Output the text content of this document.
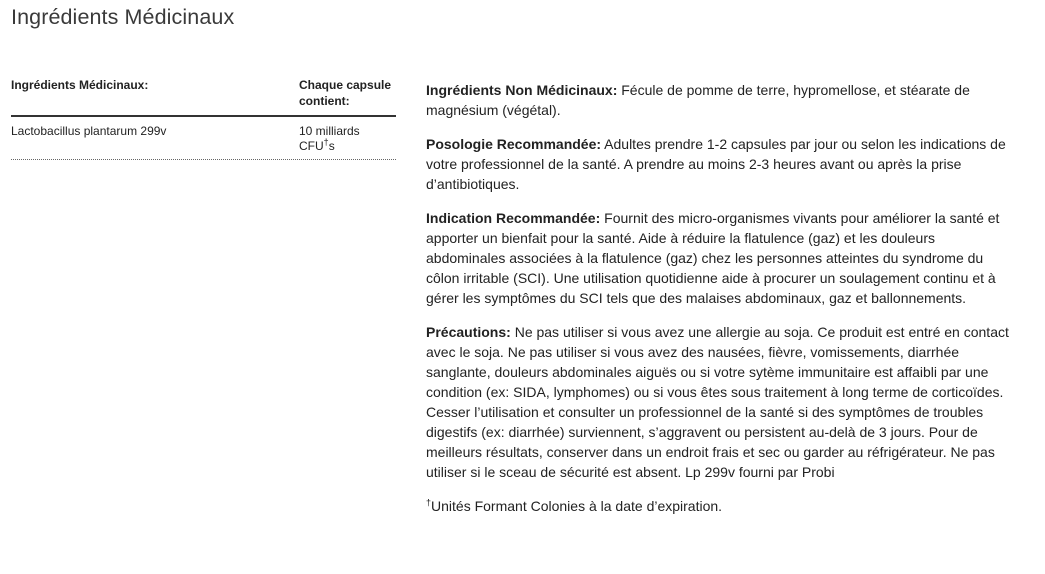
Ingrédients Médicinaux
Ingrédients Médicinaux:	Chaque capsule contient:
Lactobacillus plantarum 299v	10 milliards
CFU†s

Ingrédients Non Médicinaux: Fécule de pomme de terre, hypromellose, et stéarate de magnésium (végétal).

Posologie Recommandée: Adultes prendre 1-2 capsules par jour ou selon les indications de votre professionnel de la santé. A prendre au moins 2-3 heures avant ou après la prise d’antibiotiques.

Indication Recommandée: Fournit des micro-organismes vivants pour améliorer la santé et apporter un bienfait pour la santé. Aide à réduire la flatulence (gaz) et les douleurs abdominales associées à la flatulence (gaz) chez les personnes atteintes du syndrome du côlon irritable (SCI). Une utilisation quotidienne aide à procurer un soulagement continu et à gérer les symptômes du SCI tels que des malaises abdominaux, gaz et ballonnements.

Précautions: Ne pas utiliser si vous avez une allergie au soja. Ce produit est entré en contact avec le soja. Ne pas utiliser si vous avez des nausées, fièvre, vomissements, diarrhée sanglante, douleurs abdominales aiguës ou si votre sytème immunitaire est affaibli par une condition (ex: SIDA, lymphomes) ou si vous êtes sous traitement à long terme de corticoïdes. Cesser l’utilisation et consulter un professionnel de la santé si des symptômes de troubles digestifs (ex: diarrhée) surviennent, s’aggravent ou persistent au-delà de 3 jours. Pour de meilleurs résultats, conserver dans un endroit frais et sec ou garder au réfrigérateur. Ne pas utiliser si le sceau de sécurité est absent. Lp 299v fourni par Probi

†Unités Formant Colonies à la date d’expiration.
